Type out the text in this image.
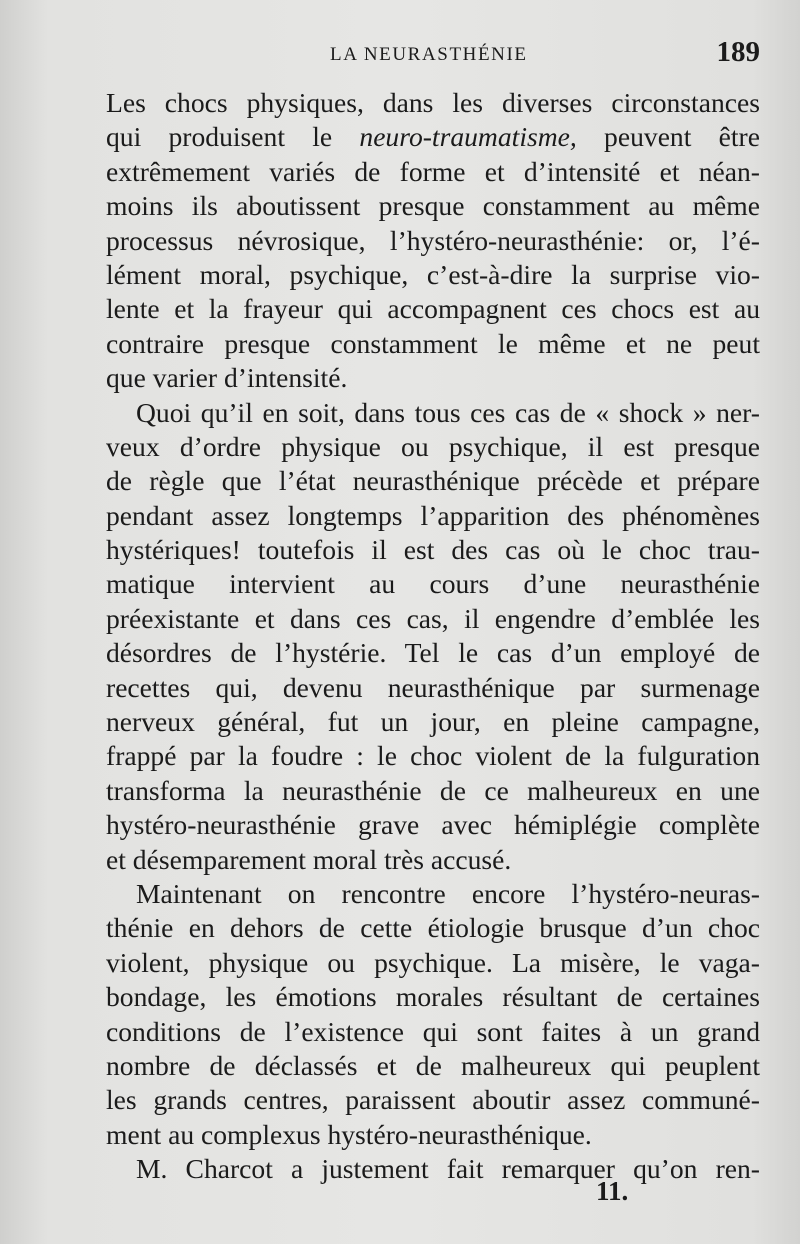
LA NEURASTHÉNIE	189
Les chocs physiques, dans les diverses circonstances
qui produisent le neuro-traumatisme, peuvent être
extrêmement variés de forme et d’intensité et néan-
moins ils aboutissent presque constamment au même
processus névrosique, l’hystéro-neurasthénie: or, l’é-
lément moral, psychique, c’est-à-dire la surprise vio-
lente et la frayeur qui accompagnent ces chocs est au
contraire presque constamment le même et ne peut
que varier d’intensité.
Quoi qu’il en soit, dans tous ces cas de « shock » ner-
veux d’ordre physique ou psychique, il est presque
de règle que l’état neurasthénique précède et prépare
pendant assez longtemps l’apparition des phénomènes
hystériques! toutefois il est des cas où le choc trau-
matique intervient au cours d’une neurasthénie
préexistante et dans ces cas, il engendre d’emblée les
désordres de l’hystérie. Tel le cas d’un employé de
recettes qui, devenu neurasthénique par surmenage
nerveux général, fut un jour, en pleine campagne,
frappé par la foudre : le choc violent de la fulguration
transforma la neurasthénie de ce malheureux en une
hystéro-neurasthénie grave avec hémiplégie complète
et désemparement moral très accusé.
Maintenant on rencontre encore l’hystéro-neuras-
thénie en dehors de cette étiologie brusque d’un choc
violent, physique ou psychique. La misère, le vaga-
bondage, les émotions morales résultant de certaines
conditions de l’existence qui sont faites à un grand
nombre de déclassés et de malheureux qui peuplent
les grands centres, paraissent aboutir assez communé-
ment au complexus hystéro-neurasthénique.
M. Charcot a justement fait remarquer qu’on ren-
11.
